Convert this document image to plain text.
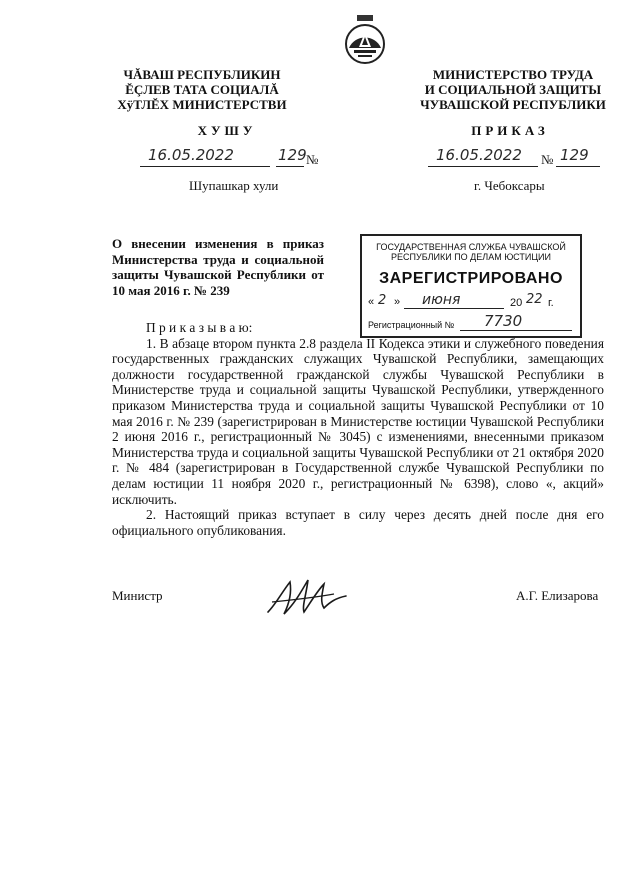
ЧĂВАШ РЕСПУБЛИКИН
ĔÇЛЕВ ТАТА СОЦИАЛĂ
ХÿТЛĔХ МИНИСТЕРСТВИ
МИНИСТЕРСТВО ТРУДА
И СОЦИАЛЬНОЙ ЗАЩИТЫ
ЧУВАШСКОЙ РЕСПУБЛИКИ
ХУШУ	ПРИКАЗ
16.05.2022	129 №	16.05.2022 № 129
Шупашкар хули	г. Чебоксары
О внесении изменения в приказ Министерства труда и социальной защиты Чувашской Республики от 10 мая 2016 г. № 239
ГОСУДАРСТВЕННАЯ СЛУЖБА ЧУВАШСКОЙ
РЕСПУБЛИКИ ПО ДЕЛАМ ЮСТИЦИИ
ЗАРЕГИСТРИРОВАНО
« 2 » июня	20 22 г.
Регистрационный № 7730

П р и к а з ы в а ю:

1. В абзаце втором пункта 2.8 раздела II Кодекса этики и служебного поведения государственных гражданских служащих Чувашской Республики, замещающих должности государственной гражданской службы Чувашской Республики в Министерстве труда и социальной защиты Чувашской Республики, утвержденного приказом Министерства труда и социальной защиты Чувашской Республики от 10 мая 2016 г. № 239 (зарегистрирован в Министерстве юстиции Чувашской Республики 2 июня 2016 г., регистрационный № 3045) с изменениями, внесенными приказом Министерства труда и социальной защиты Чувашской Республики от 21 октября 2020 г. № 484 (зарегистрирован в Государственной службе Чувашской Республики по делам юстиции 11 ноября 2020 г., регистрационный № 6398), слово «, акций» исключить.

2. Настоящий приказ вступает в силу через десять дней после дня его официального опубликования.

Министр	А.Г. Елизарова
